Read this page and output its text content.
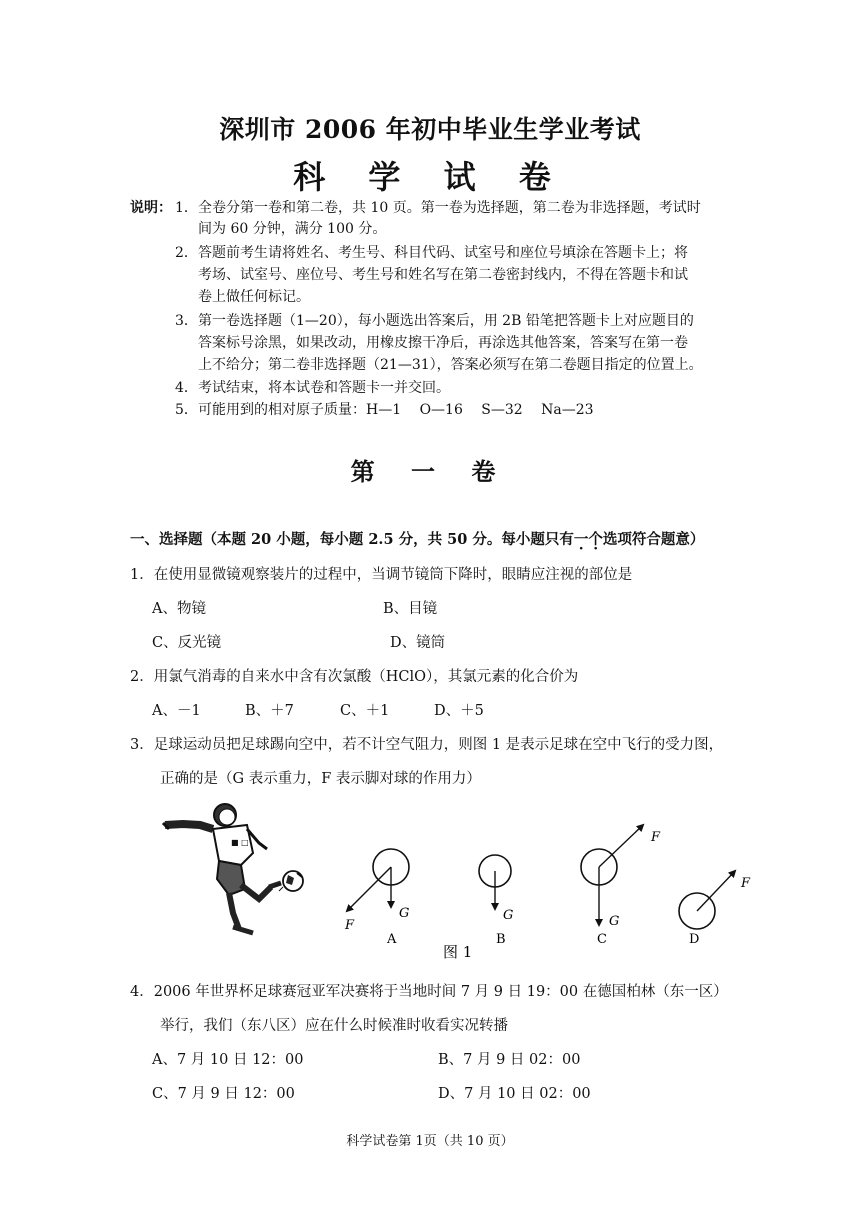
深圳市 2006 年初中毕业生学业考试
科 学 试 卷
说明： 1． 全卷分第一卷和第二卷，共 10 页。第一卷为选择题，第二卷为非选择题，考试时
间为 60 分钟，满分 100 分。
2． 答题前考生请将姓名、考生号、科目代码、试室号和座位号填涂在答题卡上；将
考场、试室号、座位号、考生号和姓名写在第二卷密封线内，不得在答题卡和试
卷上做任何标记。
3． 第一卷选择题（1—20），每小题选出答案后，用 2B 铅笔把答题卡上对应题目的
答案标号涂黑，如果改动，用橡皮擦干净后，再涂选其他答案，答案写在第一卷
上不给分；第二卷非选择题（21—31），答案必须写在第二卷题目指定的位置上。
4． 考试结束，将本试卷和答题卡一并交回。
5． 可能用到的相对原子质量：H—1　 O—16　 S—32　 Na—23
第 一 卷
一、选择题（本题 20 小题，每小题 2.5 分，共 50 分。每小题只有一个选项符合题意）
1．在使用显微镜观察装片的过程中，当调节镜筒下降时，眼睛应注视的部位是
A、物镜	B、目镜
C、反光镜	D、镜筒
2．用氯气消毒的自来水中含有次氯酸（HClO），其氯元素的化合价为
A、－1	B、＋7	C、＋1	D、＋5
3．足球运动员把足球踢向空中，若不计空气阻力，则图 1 是表示足球在空中飞行的受力图，
正确的是（G 表示重力，F 表示脚对球的作用力）
■ □
G
F
A
G
B
G
F
C
F
D
图 1
4．2006 年世界杯足球赛冠亚军决赛将于当地时间 7 月 9 日 19：00 在德国柏林（东一区）
举行，我们（东八区）应在什么时候准时收看实况转播
A、7 月 10 日 12：00	B、7 月 9 日 02：00
C、7 月 9 日 12：00	D、7 月 10 日 02：00
科学试卷第 1页（共 10 页）
